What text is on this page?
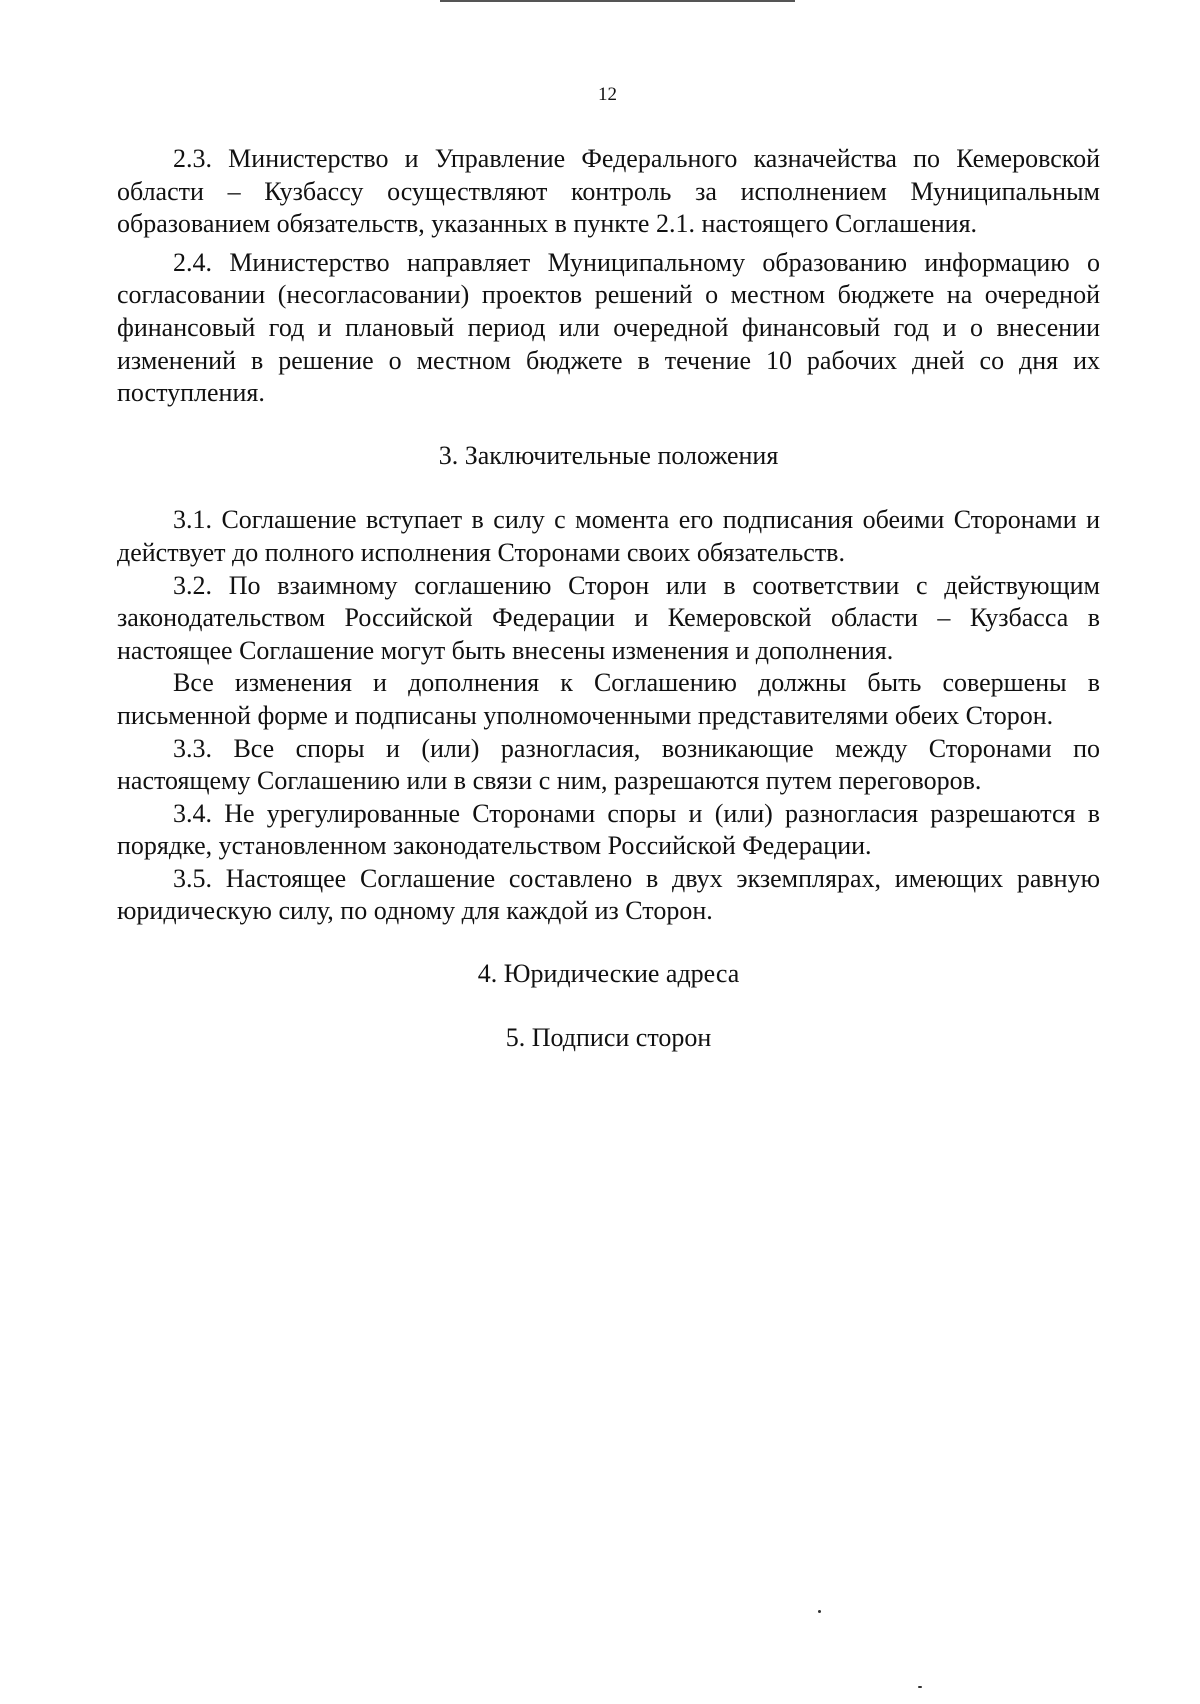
12

2.3. Министерство и Управление Федерального казначейства по Кемеровской области – Кузбассу осуществляют контроль за исполнением Муниципальным образованием обязательств, указанных в пункте 2.1. настоящего Соглашения.

2.4. Министерство направляет Муниципальному образованию информацию о согласовании (несогласовании) проектов решений о местном бюджете на очередной финансовый год и плановый период или очередной финансовый год и о внесении изменений в решение о местном бюджете в течение 10 рабочих дней со дня их поступления.

3. Заключительные положения

3.1. Соглашение вступает в силу с момента его подписания обеими Сторонами и действует до полного исполнения Сторонами своих обязательств.

3.2. По взаимному соглашению Сторон или в соответствии с действующим законодательством Российской Федерации и Кемеровской области – Кузбасса в настоящее Соглашение могут быть внесены изменения и дополнения.

Все изменения и дополнения к Соглашению должны быть совершены в письменной форме и подписаны уполномоченными представителями обеих Сторон.

3.3. Все споры и (или) разногласия, возникающие между Сторонами по настоящему Соглашению или в связи с ним, разрешаются путем переговоров.

3.4. Не урегулированные Сторонами споры и (или) разногласия разрешаются в порядке, установленном законодательством Российской Федерации.

3.5. Настоящее Соглашение составлено в двух экземплярах, имеющих равную юридическую силу, по одному для каждой из Сторон.

4. Юридические адреса

5. Подписи сторон
